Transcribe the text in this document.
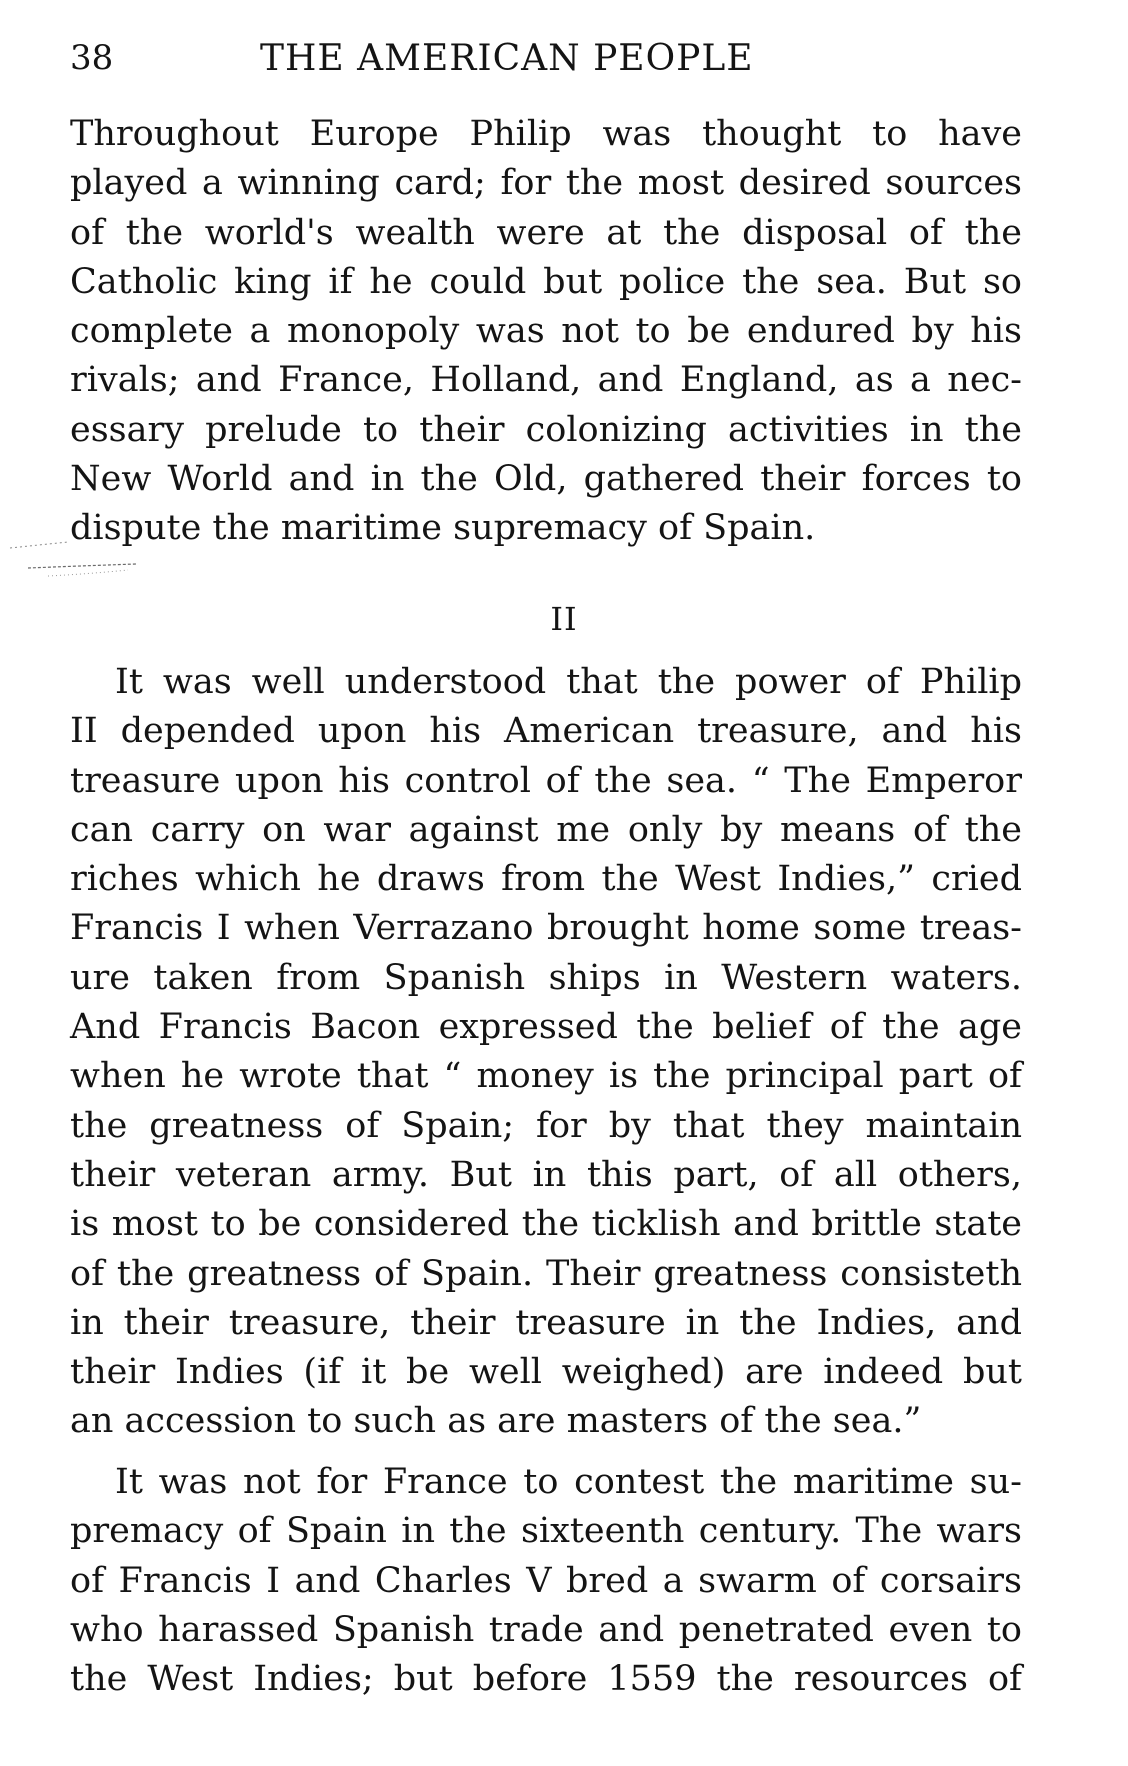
38	THE AMERICAN PEOPLE
Throughout Europe Philip was thought to have
played a winning card; for the most desired sources
of the world's wealth were at the disposal of the
Catholic king if he could but police the sea. But so
complete a monopoly was not to be endured by his
rivals; and France, Holland, and England, as a nec-
essary prelude to their colonizing activities in the
New World and in the Old, gathered their forces to
dispute the maritime supremacy of Spain.
II
It was well understood that the power of Philip
II depended upon his American treasure, and his
treasure upon his control of the sea. “ The Emperor
can carry on war against me only by means of the
riches which he draws from the West Indies,” cried
Francis I when Verrazano brought home some treas-
ure taken from Spanish ships in Western waters.
And Francis Bacon expressed the belief of the age
when he wrote that “ money is the principal part of
the greatness of Spain; for by that they maintain
their veteran army. But in this part, of all others,
is most to be considered the ticklish and brittle state
of the greatness of Spain. Their greatness consisteth
in their treasure, their treasure in the Indies, and
their Indies (if it be well weighed) are indeed but
an accession to such as are masters of the sea.”
It was not for France to contest the maritime su-
premacy of Spain in the sixteenth century. The wars
of Francis I and Charles V bred a swarm of corsairs
who harassed Spanish trade and penetrated even to
the West Indies; but before 1559 the resources of
